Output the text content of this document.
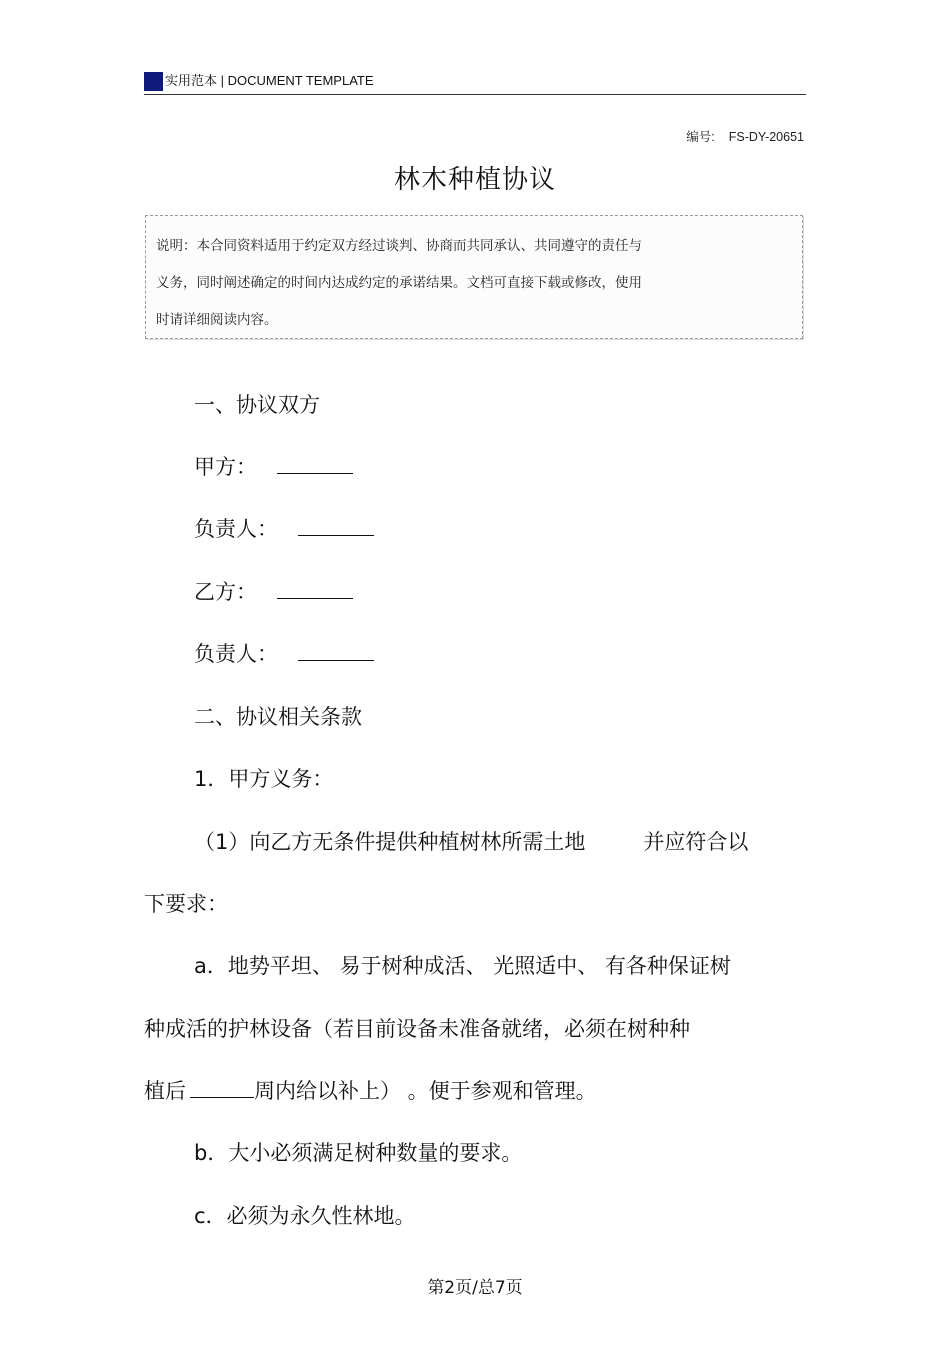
实用范本 | DOCUMENT TEMPLATE
编号: FS-DY-20651
林木种植协议
说明：本合同资料适用于约定双方经过谈判、协商而共同承认、共同遵守的责任与
义务，同时阐述确定的时间内达成约定的承诺结果。文档可直接下载或修改，使用
时请详细阅读内容。
一、协议双方
甲方：
负责人：
乙方：
负责人：
二、协议相关条款
1．甲方义务：
（1）向乙方无条件提供种植树林所需土地	并应符合以
下要求：
a．地势平坦、 易于树种成活、 光照适中、 有各种保证树
种成活的护林设备（若目前设备未准备就绪，必须在树种种
植后	周内给以补上） 。便于参观和管理。
b．大小必须满足树种数量的要求。
c．必须为永久性林地。
第2页/总7页
